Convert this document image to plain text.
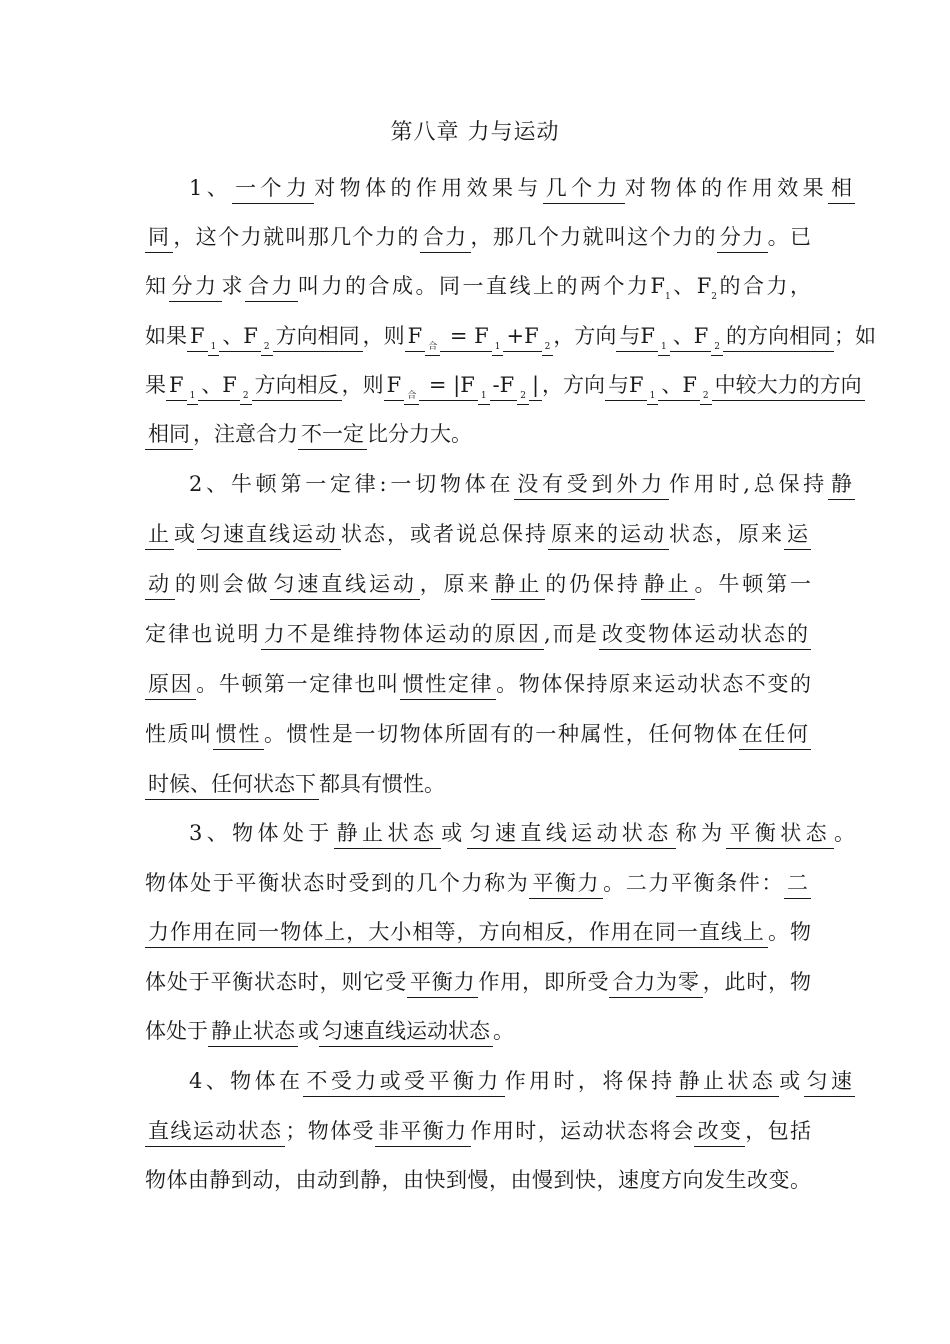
第八章 力与运动
1、 一个力 对物体的作用效果与 几个力 对物体的作用效果 相
同 ，这个力就叫那几个力的 合力 ，那几个力就叫这个力的 分力 。已
知 分力 求 合力 叫力的合成。同一直线上的两个力$F_1$、$F_2$的合力，
如果 F $_1$ 、F $_2$ 方向相同 ，则 F $_合$ = F $_1$ +F $_2$ ，方向 与F $_1$ 、F $_2$ 的方向相同 ；如
果 F $_1$ 、F $_2$ 方向相反 ，则 F $_合$ = |F $_1$ -F $_2$ | ，方向 与F $_1$ 、F $_2$ 中较大力的方向
相同 ，注意合力 不一定 比分力大。
2、牛顿第一定律:一切物体在 没有受到外力 作用时,总保持 静
止 或 匀速直线运动 状态，或者说总保持 原来的运动 状态，原来 运
动 的则会做 匀速直线运动 ，原来 静止 的仍保持 静止 。牛顿第一
定律也说明 力不是维持物体运动的原因 ,而是 改变物体运动状态的
原因 。牛顿第一定律也叫 惯性定律 。物体保持原来运动状态不变的
性质叫 惯性 。惯性是一切物体所固有的一种属性，任何物体 在任何
时候、任何状态下 都具有惯性。
3、物体处于 静止状态 或 匀速直线运动状态 称为 平衡状态 。
物体处于平衡状态时受到的几个力称为 平衡力 。二力平衡条件： 二
力作用在同一物体上，大小相等，方向相反，作用在同一直线上 。物
体处于平衡状态时，则它受 平衡力 作用，即所受 合力为零 ，此时，物
体处于 静止状态 或 匀速直线运动状态 。
4、物体在 不受力或受平衡力 作用时，将保持 静止状态 或 匀速
直线运动状态 ；物体受 非平衡力 作用时，运动状态将会 改变 ，包括
物体由静到动，由动到静，由快到慢，由慢到快，速度方向发生改变。
